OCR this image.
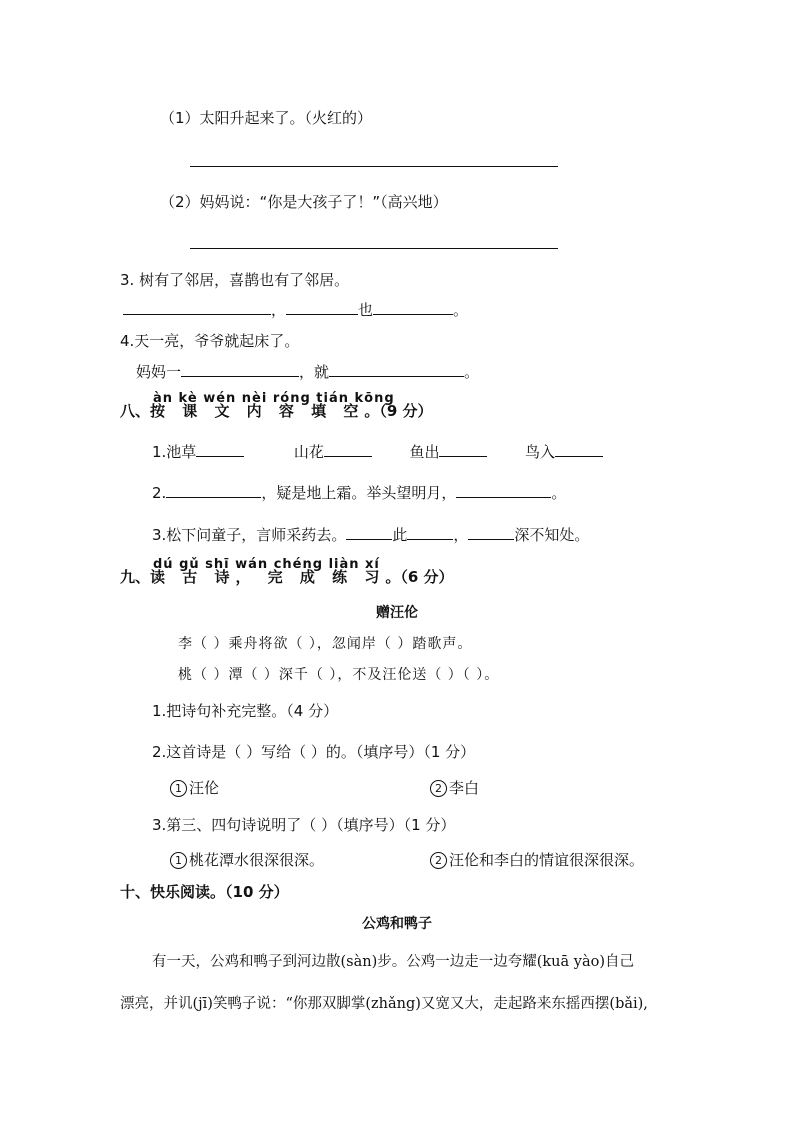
（1）太阳升起来了。（火红的）
（2）妈妈说：“你是大孩子了！”（高兴地）
3. 树有了邻居，喜鹊也有了邻居。
，	也	。
4.天一亮，爷爷就起床了。
妈妈一	，就	。
àn kè wén nèi róng tián kōng
八、按 课 文 内 容 填 空。（9 分）
1.池草	山花	鱼出	鸟入
2.	，疑是地上霜。举头望明月，	。
3.松下问童子，言师采药去。	此	，	深不知处。
dú gǔ shī wán chéng liàn xí
九、读 古 诗， 完 成 练 习。（6 分）
赠汪伦
李（ ）乘舟将欲（ ），忽闻岸（ ）踏歌声。
桃（ ）潭（ ）深千（ ），不及汪伦送（ ）（ ）。
1.把诗句补充完整。（4 分）
2.这首诗是（ ）写给（ ）的。（填序号）（1 分）
1 汪伦	2 李白
3.第三、四句诗说明了（ ）（填序号）（1 分）
1 桃花潭水很深很深。	2 汪伦和李白的情谊很深很深。
十、快乐阅读。（10 分）
公鸡和鸭子
有一天，公鸡和鸭子到河边散(sàn)步。公鸡一边走一边夸耀(kuā yào)自己
漂亮，并讥(jī)笑鸭子说：“你那双脚掌(zhǎng)又宽又大，走起路来东摇西摆(bǎi),
